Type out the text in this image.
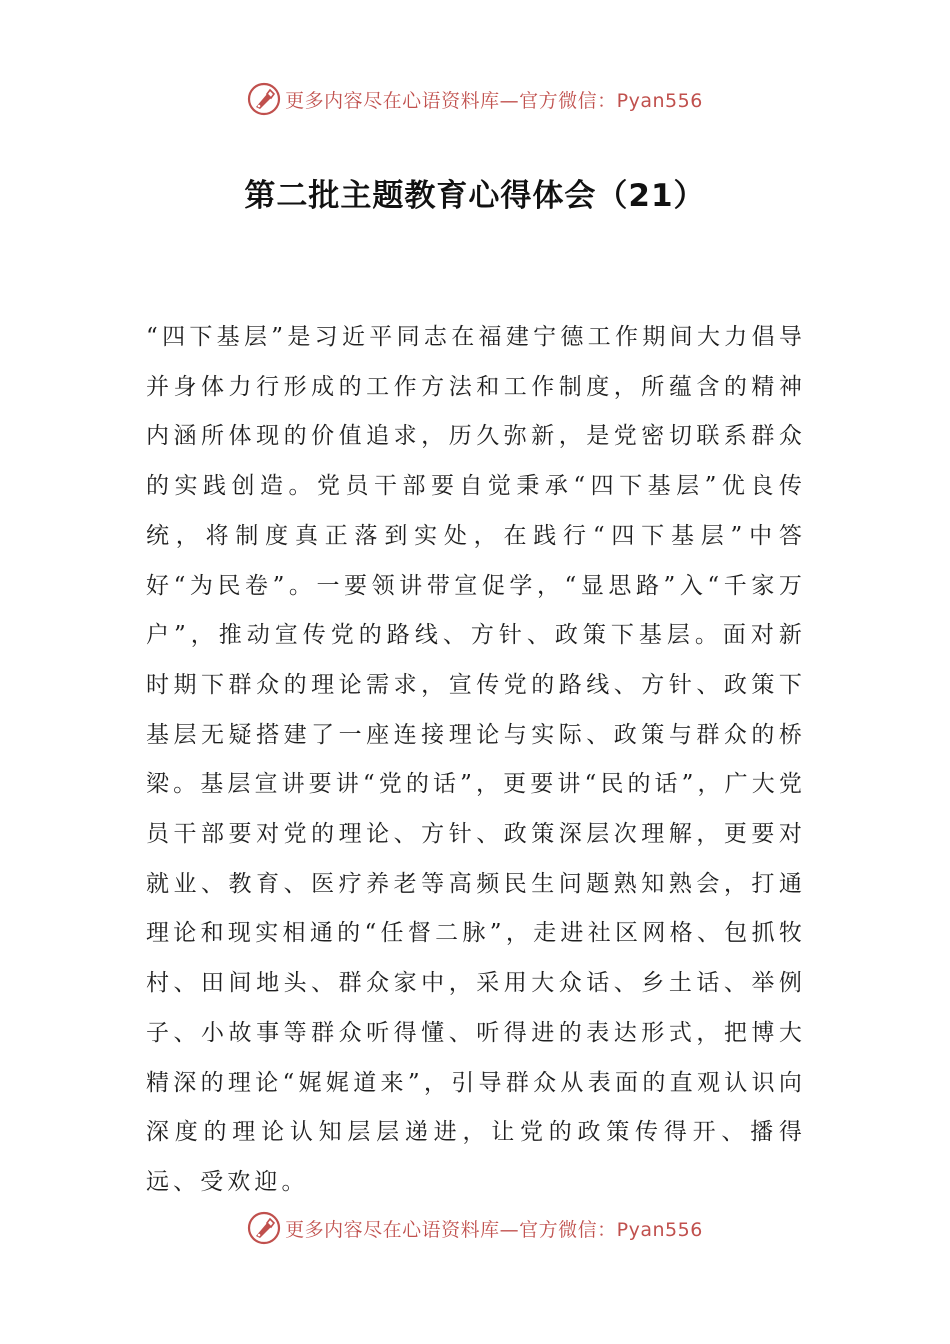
更多内容尽在心语资料库—官方微信：Pyan556
第二批主题教育心得体会（21）

“四下基层”是习近平同志在福建宁德工作期间大力倡导并身体力行形成的工作方法和工作制度，所蕴含的精神内涵所体现的价值追求，历久弥新，是党密切联系群众的实践创造。党员干部要自觉秉承“四下基层”优良传统，将制度真正落到实处，在践行“四下基层”中答好“为民卷”。一要领讲带宣促学，“显思路”入“千家万户”，推动宣传党的路线、方针、政策下基层。面对新时期下群众的理论需求，宣传党的路线、方针、政策下基层无疑搭建了一座连接理论与实际、政策与群众的桥梁。基层宣讲要讲“党的话”，更要讲“民的话”，广大党员干部要对党的理论、方针、政策深层次理解，更要对就业、教育、医疗养老等高频民生问题熟知熟会，打通理论和现实相通的“任督二脉”，走进社区网格、包抓牧村、田间地头、群众家中，采用大众话、乡土话、举例子、小故事等群众听得懂、听得进的表达形式，把博大精深的理论“娓娓道来”，引导群众从表面的直观认识向深度的理论认知层层递进，让党的政策传得开、播得远、受欢迎。

更多内容尽在心语资料库—官方微信：Pyan556
